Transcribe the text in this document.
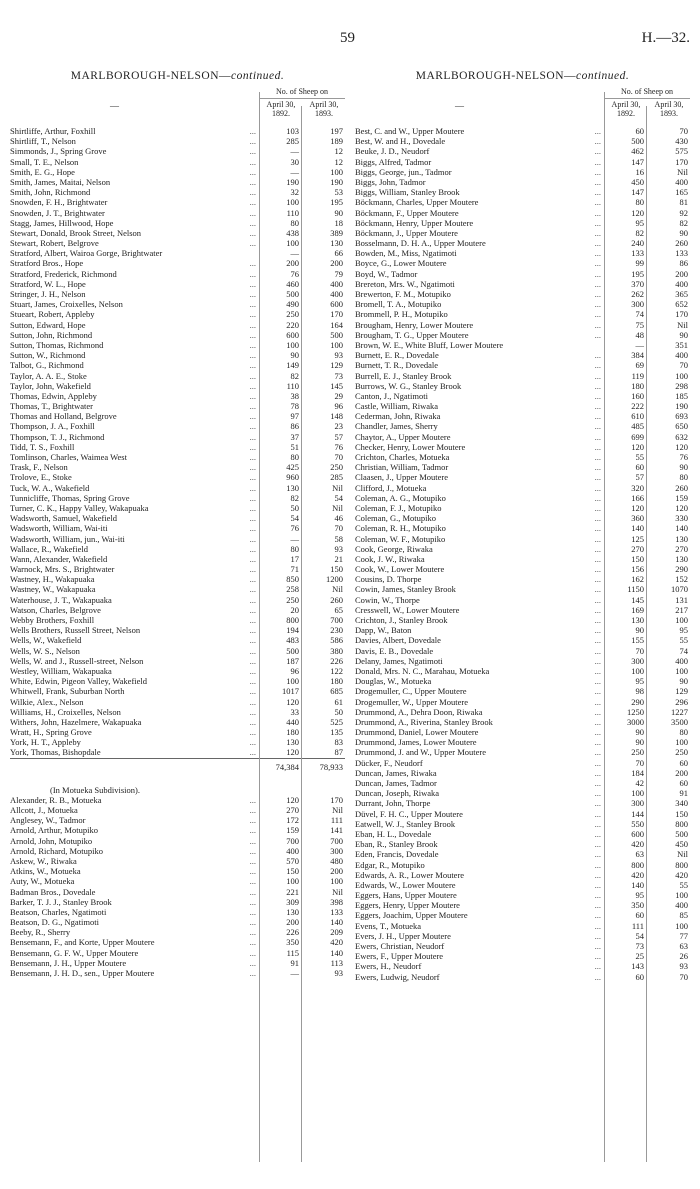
59	H.—32.
MARLBOROUGH-NELSON—continued.
—
No. of Sheep on
April 30,
1892.
April 30,
1893.
Shirtliffe, Arthur, Foxhill	...	103	197
Shirtliff, T., Nelson	...	285	189
Simmonds, J., Spring Grove	...	—	12
Small, T. E., Nelson	...	30	12
Smith, E. G., Hope	...	—	100
Smith, James, Maitai, Nelson	...	190	190
Smith, John, Richmond	...	32	53
Snowden, F. H., Brightwater	...	100	195
Snowden, J. T., Brightwater	...	110	90
Stagg, James, Hillwood, Hope	...	80	18
Stewart, Donald, Brook Street, Nelson	...	438	389
Stewart, Robert, Belgrove	...	100	130
Stratford, Albert, Wairoa Gorge, Brightwater	—	66
Stratford Bros., Hope	...	200	200
Stratford, Frederick, Richmond	...	76	79
Stratford, W. L., Hope	...	460	400
Stringer, J. H., Nelson	...	500	400
Stuart, James, Croixelles, Nelson	...	490	600
Stueart, Robert, Appleby	...	250	170
Sutton, Edward, Hope	...	220	164
Sutton, John, Richmond	...	600	500
Sutton, Thomas, Richmond	...	100	100
Sutton, W., Richmond	...	90	93
Talbot, G., Richmond	...	149	129
Taylor, A. A. E., Stoke	...	82	73
Taylor, John, Wakefield	...	110	145
Thomas, Edwin, Appleby	...	38	29
Thomas, T., Brightwater	...	78	96
Thomas and Holland, Belgrove	...	97	148
Thompson, J. A., Foxhill	...	86	23
Thompson, T. J., Richmond	...	37	57
Tidd, T. S., Foxhill	...	51	76
Tomlinson, Charles, Waimea West	...	80	70
Trask, F., Nelson	...	425	250
Trolove, E., Stoke	...	960	285
Tuck, W. A., Wakefield	...	130	Nil
Tunnicliffe, Thomas, Spring Grove	...	82	54
Turner, C. K., Happy Valley, Wakapuaka	...	50	Nil
Wadsworth, Samuel, Wakefield	...	54	46
Wadsworth, William, Wai-iti	...	76	70
Wadsworth, William, jun., Wai-iti	...	—	58
Wallace, R., Wakefield	...	80	93
Wann, Alexander, Wakefield	...	17	21
Warnock, Mrs. S., Brightwater	...	71	150
Wastney, H., Wakapuaka	...	850	1200
Wastney, W., Wakapuaka	...	258	Nil
Waterhouse, J. T., Wakapuaka	...	250	260
Watson, Charles, Belgrove	...	20	65
Webby Brothers, Foxhill	...	800	700
Wells Brothers, Russell Street, Nelson	...	194	230
Wells, W., Wakefield	...	483	586
Wells, W. S., Nelson	...	500	380
Wells, W. and J., Russell-street, Nelson	...	187	226
Westley, William, Wakapuaka	...	96	122
White, Edwin, Pigeon Valley, Wakefield	...	100	180
Whitwell, Frank, Suburban North	...	1017	685
Wilkie, Alex., Nelson	...	120	61
Williams, H., Croixelles, Nelson	...	33	50
Withers, John, Hazelmere, Wakapuaka	...	440	525
Wratt, H., Spring Grove	...	180	135
York, H. T., Appleby	...	130	83
York, Thomas, Bishopdale	...	120	87
74,384	78,933
(In Motueka Subdivision).
Alexander, R. B., Motueka	...	120	170
Allcott, J., Motueka	...	270	Nil
Anglesey, W., Tadmor	...	172	111
Arnold, Arthur, Motupiko	...	159	141
Arnold, John, Motupiko	...	700	700
Arnold, Richard, Motupiko	...	400	300
Askew, W., Riwaka	...	570	480
Atkins, W., Motueka	...	150	200
Auty, W., Motueka	...	100	100
Badman Bros., Dovedale	...	221	Nil
Barker, T. J. J., Stanley Brook	...	309	398
Beatson, Charles, Ngatimoti	...	130	133
Beatson, D. G., Ngatimoti	...	200	140
Beeby, R., Sherry	...	226	209
Bensemann, F., and Korte, Upper Moutere	...	350	420
Bensemann, G. F. W., Upper Moutere	...	115	140
Bensemann, J. H., Upper Moutere	...	91	113
Bensemann, J. H. D., sen., Upper Moutere	...	—	93
MARLBOROUGH-NELSON—continued.
—
No. of Sheep on
April 30,
1892.
April 30,
1893.
Best, C. and W., Upper Moutere	...	60	70
Best, W. and H., Dovedale	...	500	430
Beuke, J. D., Neudorf	...	462	575
Biggs, Alfred, Tadmor	...	147	170
Biggs, George, jun., Tadmor	...	16	Nil
Biggs, John, Tadmor	...	450	400
Biggs, William, Stanley Brook	...	147	165
Böckmann, Charles, Upper Moutere	...	80	81
Böckmann, F., Upper Moutere	...	120	92
Böckmann, Henry, Upper Moutere	...	95	82
Böckmann, J., Upper Moutere	...	82	90
Bosselmann, D. H. A., Upper Moutere	...	240	260
Bowden, M., Miss, Ngatimoti	...	133	133
Boyce, G., Lower Moutere	...	99	86
Boyd, W., Tadmor	...	195	200
Brereton, Mrs. W., Ngatimoti	...	370	400
Brewerton, F. M., Motupiko	...	262	365
Bromell, T. A., Motupiko	...	300	652
Brommell, P. H., Motupiko	...	74	170
Brougham, Henry, Lower Moutere	...	75	Nil
Brougham, T. G., Upper Moutere	...	48	90
Brown, W. E., White Bluff, Lower Moutere	—	351
Burnett, E. R., Dovedale	...	384	400
Burnett, T. R., Dovedale	...	69	70
Burrell, E. J., Stanley Brook	...	119	100
Burrows, W. G., Stanley Brook	...	180	298
Canton, J., Ngatimoti	...	160	185
Castle, William, Riwaka	...	222	190
Cederman, John, Riwaka	...	610	693
Chandler, James, Sherry	...	485	650
Chaytor, A., Upper Moutere	...	699	632
Checker, Henry, Lower Moutere	...	120	120
Crichton, Charles, Motueka	...	55	76
Christian, William, Tadmor	...	60	90
Claasen, J., Upper Moutere	...	57	80
Clifford, J., Motueka	...	320	260
Coleman, A. G., Motupiko	...	166	159
Coleman, F. J., Motupiko	...	120	120
Coleman, G., Motupiko	...	360	330
Coleman, R. H., Motupiko	...	140	140
Coleman, W. F., Motupiko	...	125	130
Cook, George, Riwaka	...	270	270
Cook, J. W., Riwaka	...	150	130
Cook, W., Lower Moutere	...	156	290
Cousins, D. Thorpe	...	162	152
Cowin, James, Stanley Brook	...	1150	1070
Cowin, W., Thorpe	...	145	131
Cresswell, W., Lower Moutere	...	169	217
Crichton, J., Stanley Brook	...	130	100
Dapp, W., Baton	...	90	95
Davies, Albert, Dovedale	...	155	55
Davis, E. B., Dovedale	...	70	74
Delany, James, Ngatimoti	...	300	400
Donald, Mrs. N. C., Marahau, Motueka	...	100	100
Douglas, W., Motueka	...	95	90
Drogemuller, C., Upper Moutere	...	98	129
Drogemuller, W., Upper Moutere	...	290	296
Drummond, A., Dehra Doon, Riwaka	...	1250	1227
Drummond, A., Riverina, Stanley Brook	...	3000	3500
Drummond, Daniel, Lower Moutere	...	90	80
Drummond, James, Lower Moutere	...	90	100
Drummond, J. and W., Upper Moutere	...	250	250
Dücker, F., Neudorf	...	70	60
Duncan, James, Riwaka	...	184	200
Duncan, James, Tadmor	...	42	60
Duncan, Joseph, Riwaka	...	100	91
Durrant, John, Thorpe	...	300	340
Düvel, F. H. C., Upper Moutere	...	144	150
Eatwell, W. J., Stanley Brook	...	550	800
Eban, H. L., Dovedale	...	600	500
Eban, R., Stanley Brook	...	420	450
Eden, Francis, Dovedale	...	63	Nil
Edgar, R., Motupiko	...	800	800
Edwards, A. R., Lower Moutere	...	420	420
Edwards, W., Lower Moutere	...	140	55
Eggers, Hans, Upper Moutere	...	95	100
Eggers, Henry, Upper Moutere	...	350	400
Eggers, Joachim, Upper Moutere	...	60	85
Evens, T., Motueka	...	111	100
Evers, J. H., Upper Moutere	...	54	77
Ewers, Christian, Neudorf	...	73	63
Ewers, F., Upper Moutere	...	25	26
Ewers, H., Neudorf	...	143	93
Ewers, Ludwig, Neudorf	...	60	70
